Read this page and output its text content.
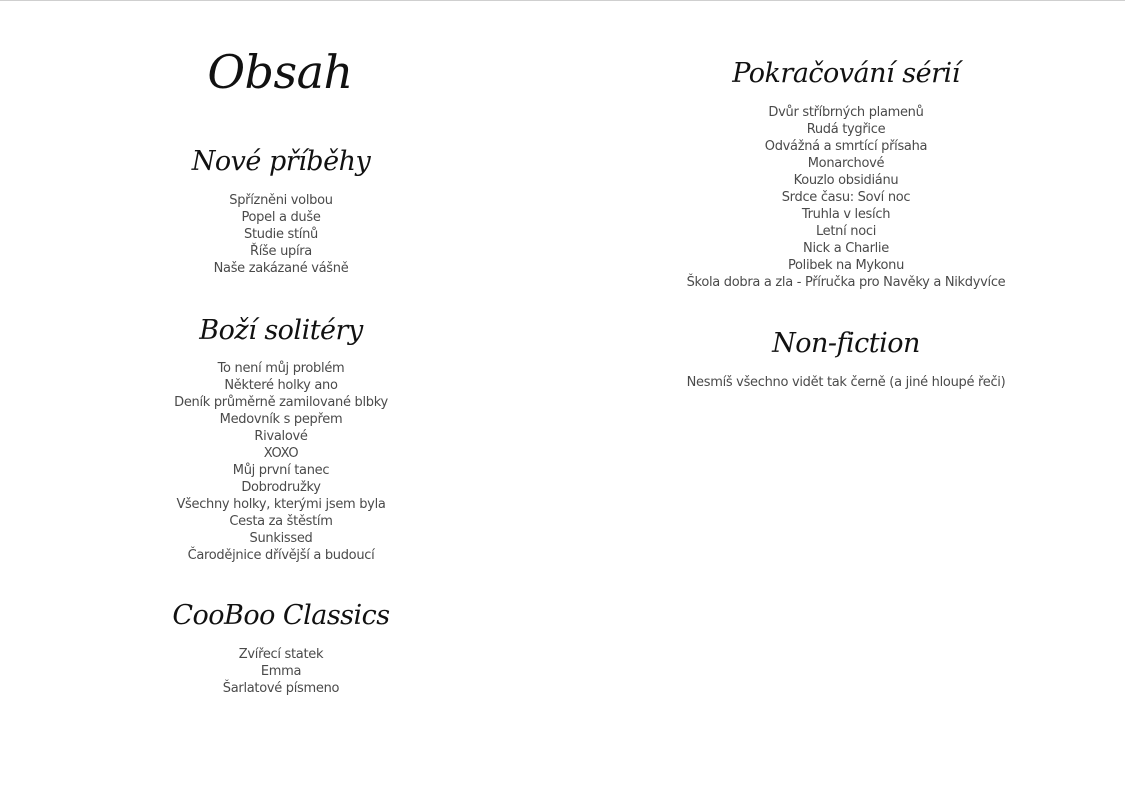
Obsah
Nové příběhy
Spřízněni volbou
Popel a duše
Studie stínů
Říše upíra
Naše zakázané vášně
Boží solitéry
To není můj problém
Některé holky ano
Deník průměrně zamilované blbky
Medovník s pepřem
Rivalové
XOXO
Můj první tanec
Dobrodružky
Všechny holky, kterými jsem byla
Cesta za štěstím
Sunkissed
Čarodějnice dřívější a budoucí
CooBoo Classics
Zvířecí statek
Emma
Šarlatové písmeno
Pokračování sérií
Dvůr stříbrných plamenů
Rudá tygřice
Odvážná a smrtící přísaha
Monarchové
Kouzlo obsidiánu
Srdce času: Soví noc
Truhla v lesích
Letní noci
Nick a Charlie
Polibek na Mykonu
Škola dobra a zla - Příručka pro Navěky a Nikdyvíce
Non-fiction
Nesmíš všechno vidět tak černě (a jiné hloupé řeči)
